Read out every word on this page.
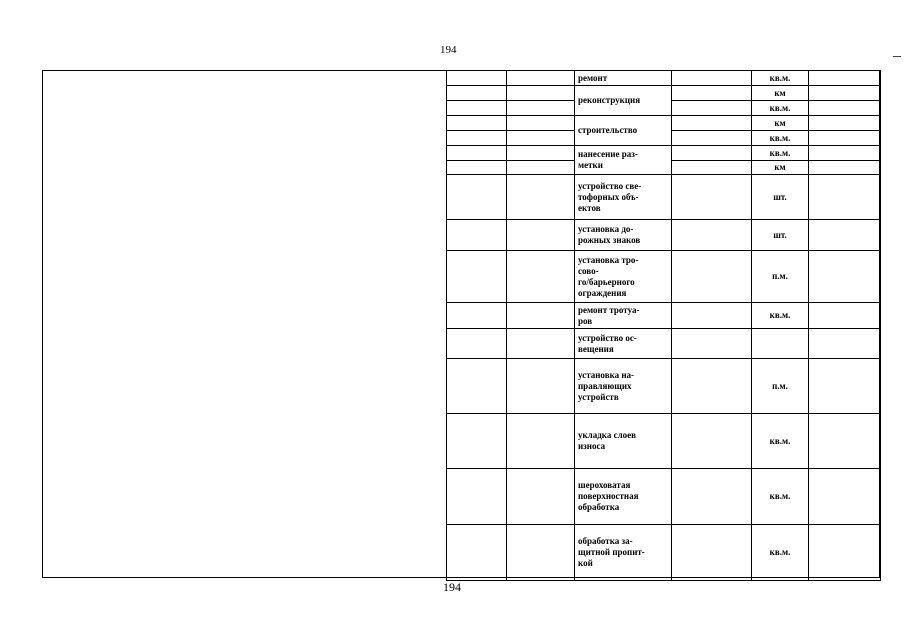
194
		ремонт		кв.м.	
		реконструкция		км	
				кв.м.	
		строительство		км	
				кв.м.	
		нанесение раз-
метки		кв.м.	
				км	
		устройство све-
тофорных объ-
ектов		шт.	
		установка до-
рожных знаков		шт.	
		установка тро-
сово-
го/барьерного
ограждения		п.м.	
		ремонт тротуа-
ров		кв.м.	
		устройство ос-
вещения			
		установка на-
правляющих
устройств		п.м.	
		укладка слоев
износа		кв.м.	
		шероховатая
поверхностная
обработка		кв.м.	
		обработка за-
щитной пропит-
кой		кв.м.	
194
